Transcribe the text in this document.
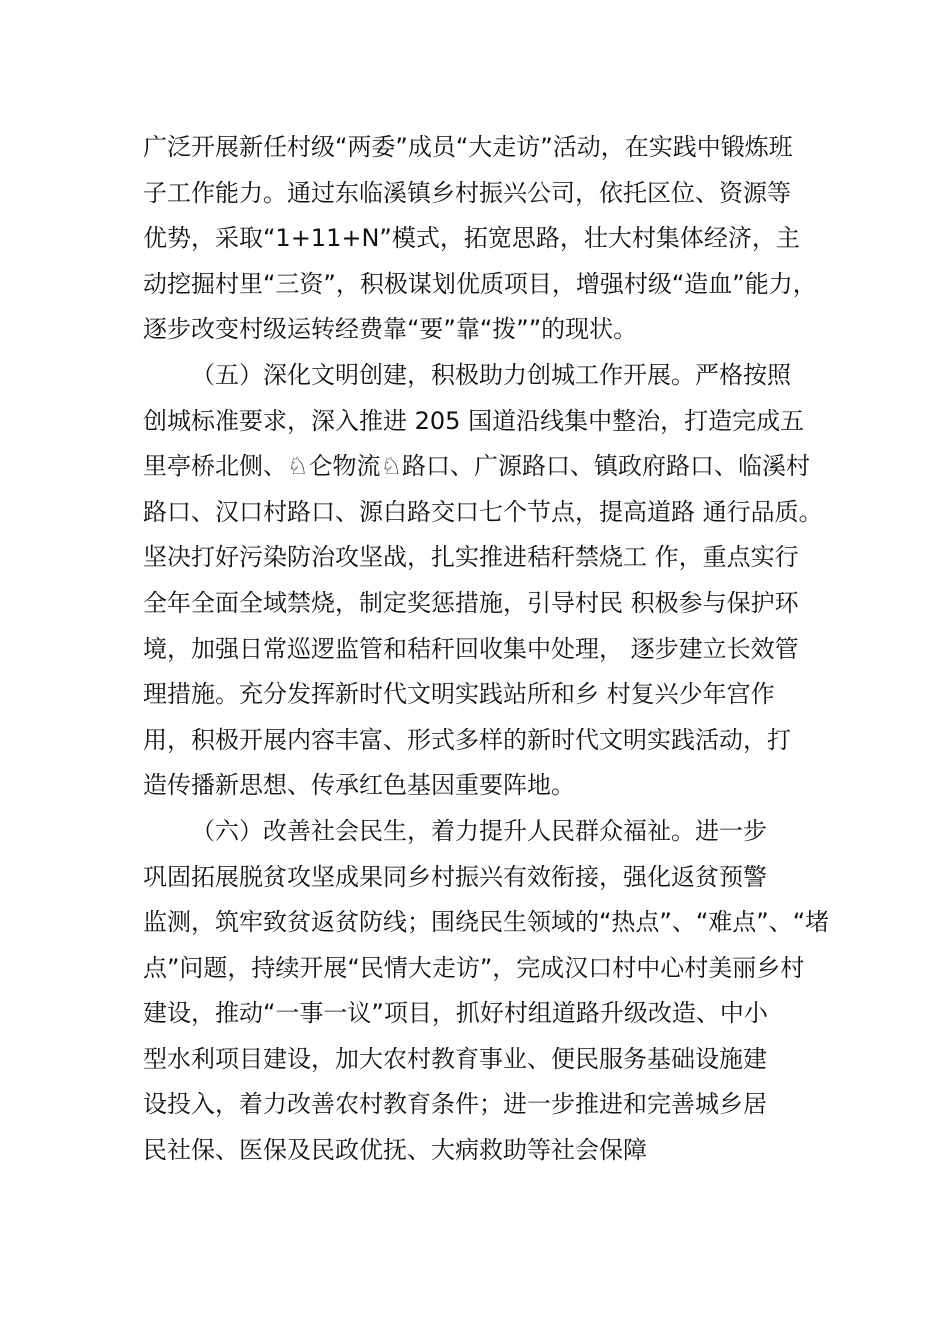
广泛开展新任村级“两委”成员“大走访”活动，在实践中锻炼班
子工作能力。通过东临溪镇乡村振兴公司，依托区位、资源等
优势，采取“1+11+N”模式，拓宽思路，壮大村集体经济，主
动挖掘村里“三资”，积极谋划优质项目，增强村级“造血”能力，
逐步改变村级运转经费靠“要”靠“拨””的现状。
（五）深化文明创建，积极助力创城工作开展。严格按照
创城标准要求，深入推进 205 国道沿线集中整治，打造完成五
里亭桥北侧、♘仑物流♘路口、广源路口、镇政府路口、临溪村
路口、汉口村路口、源白路交口七个节点，提高道路 通行品质。
坚决打好污染防治攻坚战，扎实推进秸秆禁烧工 作，重点实行
全年全面全域禁烧，制定奖惩措施，引导村民 积极参与保护环
境，加强日常巡逻监管和秸秆回收集中处理， 逐步建立长效管
理措施。充分发挥新时代文明实践站所和乡 村复兴少年宫作
用，积极开展内容丰富、形式多样的新时代文明实践活动，打
造传播新思想、传承红色基因重要阵地。
（六）改善社会民生，着力提升人民群众福祉。进一步
巩固拓展脱贫攻坚成果同乡村振兴有效衔接，强化返贫预警
监测，筑牢致贫返贫防线；围绕民生领域的“热点”、“难点”、“堵
点”问题，持续开展“民情大走访”，完成汉口村中心村美丽乡村
建设，推动“一事一议”项目，抓好村组道路升级改造、中小
型水利项目建设，加大农村教育事业、便民服务基础设施建
设投入，着力改善农村教育条件；进一步推进和完善城乡居
民社保、医保及民政优抚、大病救助等社会保障
